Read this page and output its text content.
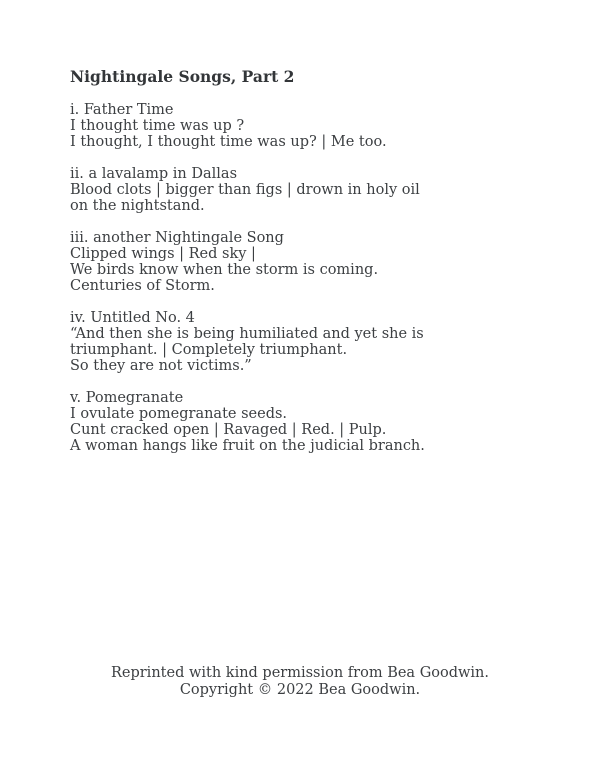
Nightingale Songs, Part 2

i. Father Time

I thought time was up ?

I thought, I thought time was up? | Me too.

ii. a lavalamp in Dallas

Blood clots | bigger than figs | drown in holy oil

on the nightstand.

iii. another Nightingale Song

Clipped wings | Red sky |

We birds know when the storm is coming.

Centuries of Storm.

iv. Untitled No. 4

“And then she is being humiliated and yet she is

triumphant. | Completely triumphant.

So they are not victims.”

v. Pomegranate

I ovulate pomegranate seeds.

Cunt cracked open | Ravaged | Red. | Pulp.

A woman hangs like fruit on the judicial branch.

Reprinted with kind permission from Bea Goodwin.

Copyright © 2022 Bea Goodwin.
